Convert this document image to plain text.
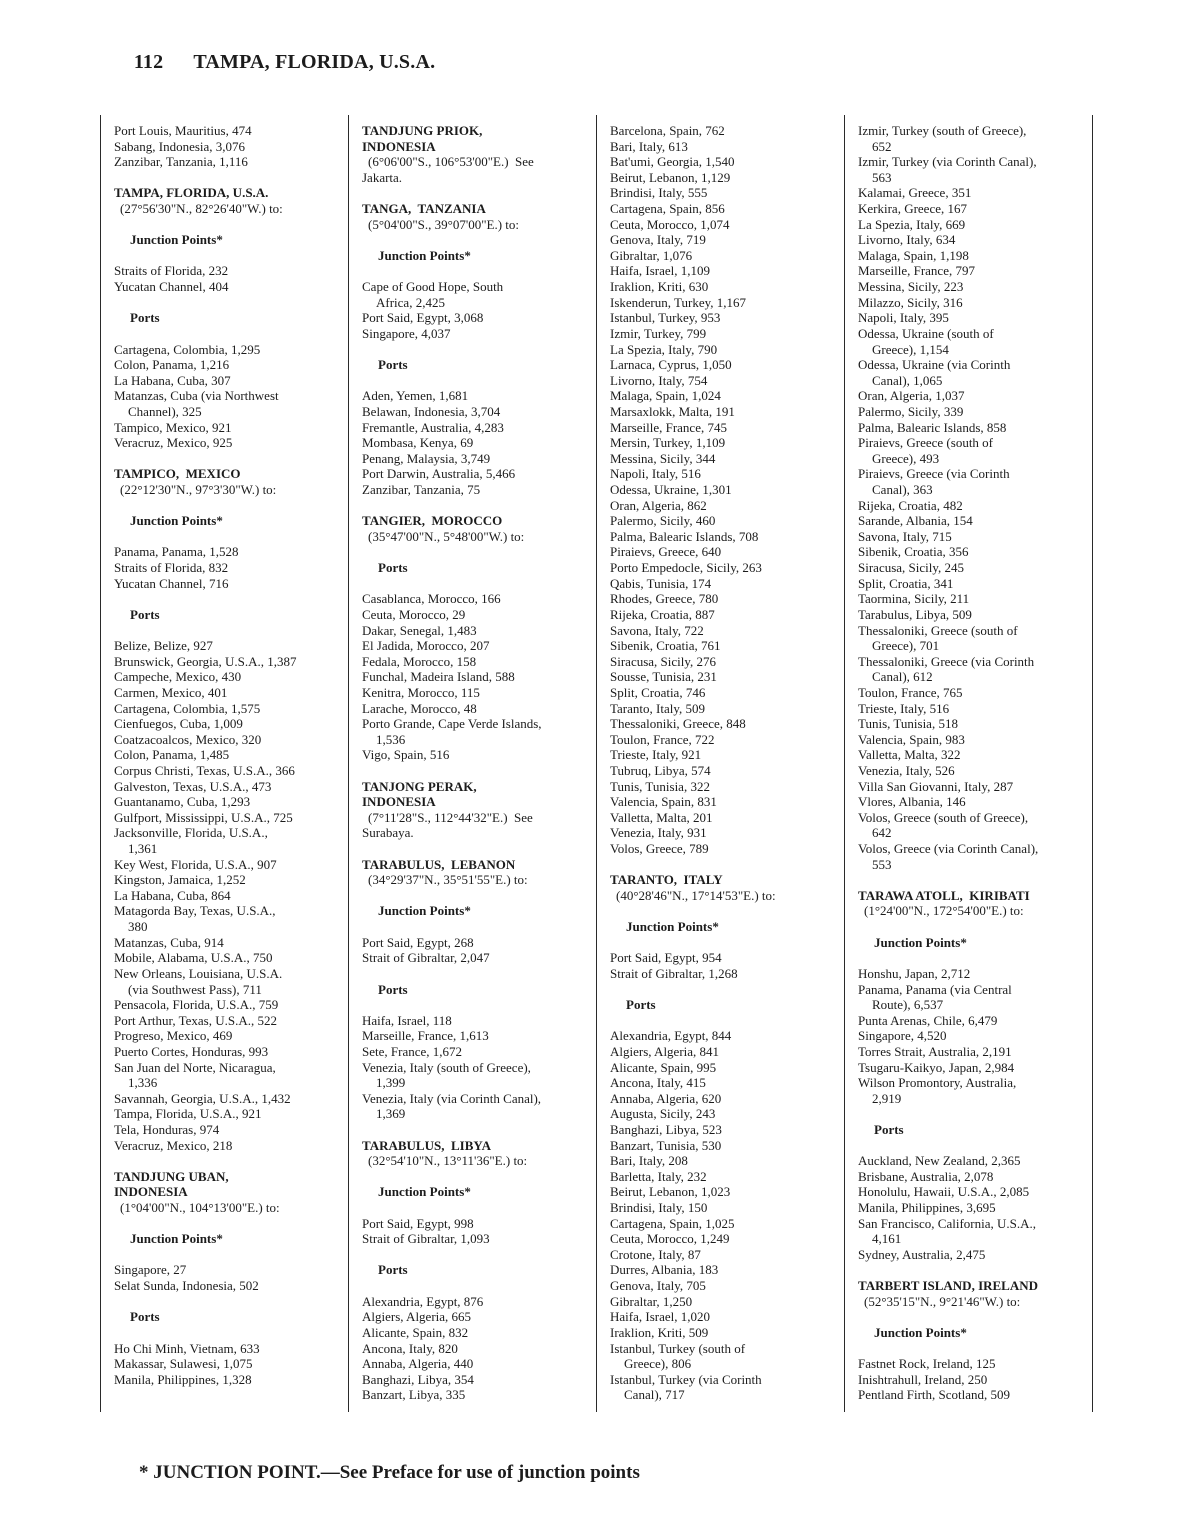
112 TAMPA, FLORIDA, U.S.A.

Port Louis, Mauritius, 474
Sabang, Indonesia, 3,076
Zanzibar, Tanzania, 1,116

TAMPA, FLORIDA, U.S.A.
(27°56'30"N., 82°26'40"W.) to:

Junction Points*

Straits of Florida, 232
Yucatan Channel, 404

Ports

Cartagena, Colombia, 1,295
Colon, Panama, 1,216
La Habana, Cuba, 307
Matanzas, Cuba (via Northwest
Channel), 325
Tampico, Mexico, 921
Veracruz, Mexico, 925

TAMPICO,  MEXICO
(22°12'30"N., 97°3'30"W.) to:

Junction Points*

Panama, Panama, 1,528
Straits of Florida, 832
Yucatan Channel, 716

Ports

Belize, Belize, 927
Brunswick, Georgia, U.S.A., 1,387
Campeche, Mexico, 430
Carmen, Mexico, 401
Cartagena, Colombia, 1,575
Cienfuegos, Cuba, 1,009
Coatzacoalcos, Mexico, 320
Colon, Panama, 1,485
Corpus Christi, Texas, U.S.A., 366
Galveston, Texas, U.S.A., 473
Guantanamo, Cuba, 1,293
Gulfport, Mississippi, U.S.A., 725
Jacksonville, Florida, U.S.A.,
1,361
Key West, Florida, U.S.A., 907
Kingston, Jamaica, 1,252
La Habana, Cuba, 864
Matagorda Bay, Texas, U.S.A.,
380
Matanzas, Cuba, 914
Mobile, Alabama, U.S.A., 750
New Orleans, Louisiana, U.S.A.
(via Southwest Pass), 711
Pensacola, Florida, U.S.A., 759
Port Arthur, Texas, U.S.A., 522
Progreso, Mexico, 469
Puerto Cortes, Honduras, 993
San Juan del Norte, Nicaragua,
1,336
Savannah, Georgia, U.S.A., 1,432
Tampa, Florida, U.S.A., 921
Tela, Honduras, 974
Veracruz, Mexico, 218

TANDJUNG UBAN,
INDONESIA
(1°04'00"N., 104°13'00"E.) to:

Junction Points*

Singapore, 27
Selat Sunda, Indonesia, 502

Ports

Ho Chi Minh, Vietnam, 633
Makassar, Sulawesi, 1,075
Manila, Philippines, 1,328
TANDJUNG PRIOK,
INDONESIA
(6°06'00"S., 106°53'00"E.)  See
Jakarta.

TANGA,  TANZANIA
(5°04'00"S., 39°07'00"E.) to:

Junction Points*

Cape of Good Hope, South
Africa, 2,425
Port Said, Egypt, 3,068
Singapore, 4,037

Ports

Aden, Yemen, 1,681
Belawan, Indonesia, 3,704
Fremantle, Australia, 4,283
Mombasa, Kenya, 69
Penang, Malaysia, 3,749
Port Darwin, Australia, 5,466
Zanzibar, Tanzania, 75

TANGIER,  MOROCCO
(35°47'00"N., 5°48'00"W.) to:

Ports

Casablanca, Morocco, 166
Ceuta, Morocco, 29
Dakar, Senegal, 1,483
El Jadida, Morocco, 207
Fedala, Morocco, 158
Funchal, Madeira Island, 588
Kenitra, Morocco, 115
Larache, Morocco, 48
Porto Grande, Cape Verde Islands,
1,536
Vigo, Spain, 516

TANJONG PERAK,
INDONESIA
(7°11'28"S., 112°44'32"E.)  See
Surabaya.

TARABULUS,  LEBANON
(34°29'37"N., 35°51'55"E.) to:

Junction Points*

Port Said, Egypt, 268
Strait of Gibraltar, 2,047

Ports

Haifa, Israel, 118
Marseille, France, 1,613
Sete, France, 1,672
Venezia, Italy (south of Greece),
1,399
Venezia, Italy (via Corinth Canal),
1,369

TARABULUS,  LIBYA
(32°54'10"N., 13°11'36"E.) to:

Junction Points*

Port Said, Egypt, 998
Strait of Gibraltar, 1,093

Ports

Alexandria, Egypt, 876
Algiers, Algeria, 665
Alicante, Spain, 832
Ancona, Italy, 820
Annaba, Algeria, 440
Banghazi, Libya, 354
Banzart, Libya, 335
Barcelona, Spain, 762
Bari, Italy, 613
Bat'umi, Georgia, 1,540
Beirut, Lebanon, 1,129
Brindisi, Italy, 555
Cartagena, Spain, 856
Ceuta, Morocco, 1,074
Genova, Italy, 719
Gibraltar, 1,076
Haifa, Israel, 1,109
Iraklion, Kriti, 630
Iskenderun, Turkey, 1,167
Istanbul, Turkey, 953
Izmir, Turkey, 799
La Spezia, Italy, 790
Larnaca, Cyprus, 1,050
Livorno, Italy, 754
Malaga, Spain, 1,024
Marsaxlokk, Malta, 191
Marseille, France, 745
Mersin, Turkey, 1,109
Messina, Sicily, 344
Napoli, Italy, 516
Odessa, Ukraine, 1,301
Oran, Algeria, 862
Palermo, Sicily, 460
Palma, Balearic Islands, 708
Piraievs, Greece, 640
Porto Empedocle, Sicily, 263
Qabis, Tunisia, 174
Rhodes, Greece, 780
Rijeka, Croatia, 887
Savona, Italy, 722
Sibenik, Croatia, 761
Siracusa, Sicily, 276
Sousse, Tunisia, 231
Split, Croatia, 746
Taranto, Italy, 509
Thessaloniki, Greece, 848
Toulon, France, 722
Trieste, Italy, 921
Tubruq, Libya, 574
Tunis, Tunisia, 322
Valencia, Spain, 831
Valletta, Malta, 201
Venezia, Italy, 931
Volos, Greece, 789

TARANTO,  ITALY
(40°28'46"N., 17°14'53"E.) to:

Junction Points*

Port Said, Egypt, 954
Strait of Gibraltar, 1,268

Ports

Alexandria, Egypt, 844
Algiers, Algeria, 841
Alicante, Spain, 995
Ancona, Italy, 415
Annaba, Algeria, 620
Augusta, Sicily, 243
Banghazi, Libya, 523
Banzart, Tunisia, 530
Bari, Italy, 208
Barletta, Italy, 232
Beirut, Lebanon, 1,023
Brindisi, Italy, 150
Cartagena, Spain, 1,025
Ceuta, Morocco, 1,249
Crotone, Italy, 87
Durres, Albania, 183
Genova, Italy, 705
Gibraltar, 1,250
Haifa, Israel, 1,020
Iraklion, Kriti, 509
Istanbul, Turkey (south of
Greece), 806
Istanbul, Turkey (via Corinth
Canal), 717
Izmir, Turkey (south of Greece),
652
Izmir, Turkey (via Corinth Canal),
563
Kalamai, Greece, 351
Kerkira, Greece, 167
La Spezia, Italy, 669
Livorno, Italy, 634
Malaga, Spain, 1,198
Marseille, France, 797
Messina, Sicily, 223
Milazzo, Sicily, 316
Napoli, Italy, 395
Odessa, Ukraine (south of
Greece), 1,154
Odessa, Ukraine (via Corinth
Canal), 1,065
Oran, Algeria, 1,037
Palermo, Sicily, 339
Palma, Balearic Islands, 858
Piraievs, Greece (south of
Greece), 493
Piraievs, Greece (via Corinth
Canal), 363
Rijeka, Croatia, 482
Sarande, Albania, 154
Savona, Italy, 715
Sibenik, Croatia, 356
Siracusa, Sicily, 245
Split, Croatia, 341
Taormina, Sicily, 211
Tarabulus, Libya, 509
Thessaloniki, Greece (south of
Greece), 701
Thessaloniki, Greece (via Corinth
Canal), 612
Toulon, France, 765
Trieste, Italy, 516
Tunis, Tunisia, 518
Valencia, Spain, 983
Valletta, Malta, 322
Venezia, Italy, 526
Villa San Giovanni, Italy, 287
Vlores, Albania, 146
Volos, Greece (south of Greece),
642
Volos, Greece (via Corinth Canal),
553

TARAWA ATOLL,  KIRIBATI
(1°24'00"N., 172°54'00"E.) to:

Junction Points*

Honshu, Japan, 2,712
Panama, Panama (via Central
Route), 6,537
Punta Arenas, Chile, 6,479
Singapore, 4,520
Torres Strait, Australia, 2,191
Tsugaru-Kaikyo, Japan, 2,984
Wilson Promontory, Australia,
2,919

Ports

Auckland, New Zealand, 2,365
Brisbane, Australia, 2,078
Honolulu, Hawaii, U.S.A., 2,085
Manila, Philippines, 3,695
San Francisco, California, U.S.A.,
4,161
Sydney, Australia, 2,475

TARBERT ISLAND, IRELAND
(52°35'15"N., 9°21'46"W.) to:

Junction Points*

Fastnet Rock, Ireland, 125
Inishtrahull, Ireland, 250
Pentland Firth, Scotland, 509

* JUNCTION POINT.—See Preface for use of junction points
